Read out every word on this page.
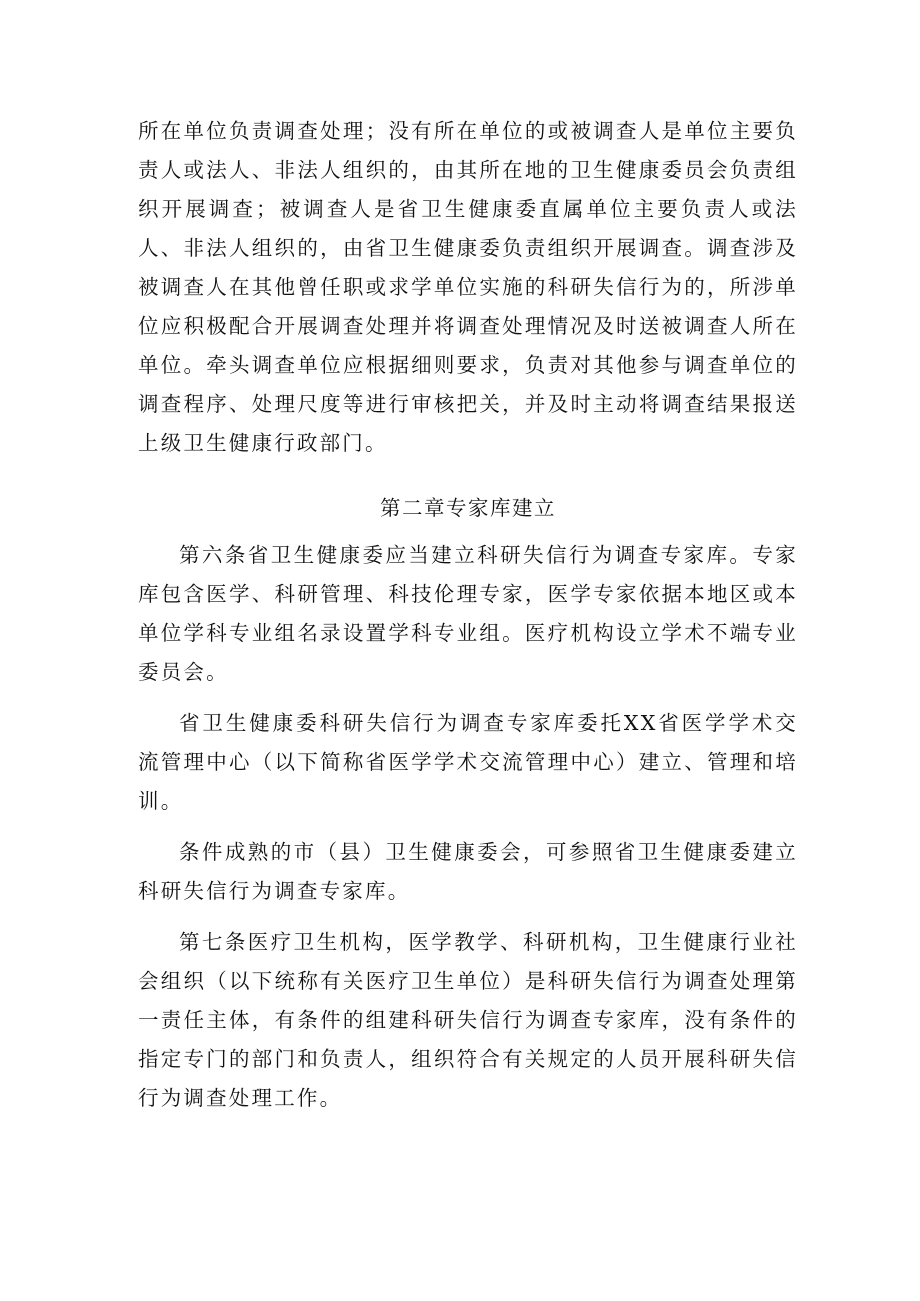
所在单位负责调查处理；没有所在单位的或被调查人是单位主要负责人或法人、非法人组织的，由其所在地的卫生健康委员会负责组织开展调查；被调查人是省卫生健康委直属单位主要负责人或法人、非法人组织的，由省卫生健康委负责组织开展调查。调查涉及被调查人在其他曾任职或求学单位实施的科研失信行为的，所涉单位应积极配合开展调查处理并将调查处理情况及时送被调查人所在单位。牵头调查单位应根据细则要求，负责对其他参与调查单位的调查程序、处理尺度等进行审核把关，并及时主动将调查结果报送上级卫生健康行政部门。

第二章专家库建立

第六条省卫生健康委应当建立科研失信行为调查专家库。专家库包含医学、科研管理、科技伦理专家，医学专家依据本地区或本单位学科专业组名录设置学科专业组。医疗机构设立学术不端专业委员会。

省卫生健康委科研失信行为调查专家库委托XX省医学学术交流管理中心（以下简称省医学学术交流管理中心）建立、管理和培训。

条件成熟的市（县）卫生健康委会，可参照省卫生健康委建立科研失信行为调查专家库。

第七条医疗卫生机构，医学教学、科研机构，卫生健康行业社会组织（以下统称有关医疗卫生单位）是科研失信行为调查处理第一责任主体，有条件的组建科研失信行为调查专家库，没有条件的指定专门的部门和负责人，组织符合有关规定的人员开展科研失信行为调查处理工作。
